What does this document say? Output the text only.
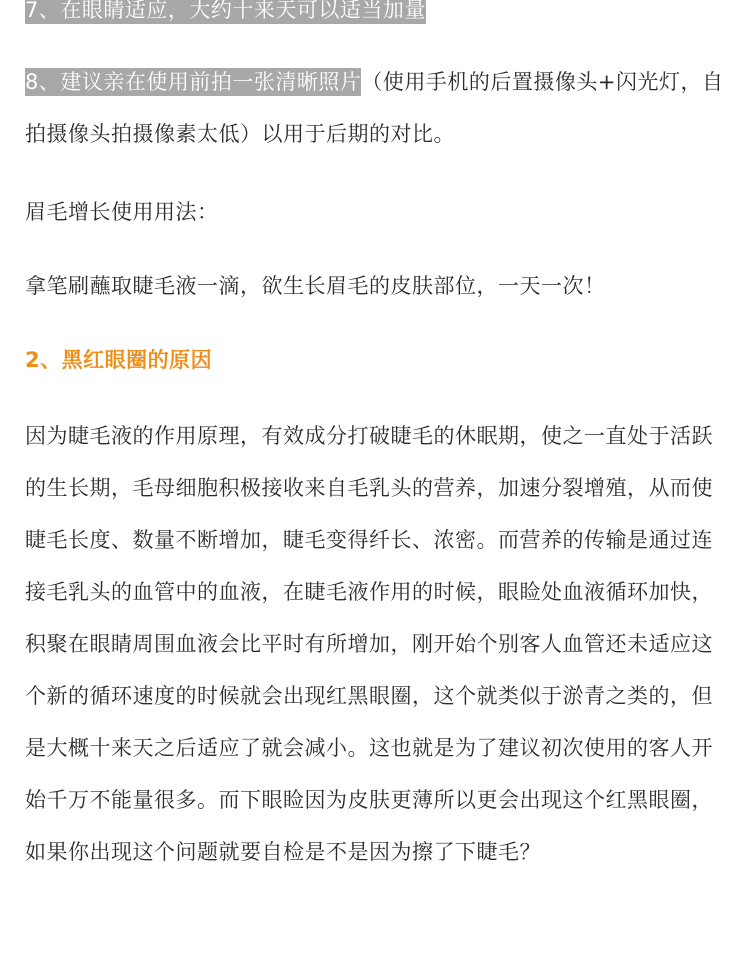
7、在眼睛适应，大约十来天可以适当加量

8、建议亲在使用前拍一张清晰照片（使用手机的后置摄像头+闪光灯，自拍摄像头拍摄像素太低）以用于后期的对比。

眉毛增长使用用法：

拿笔刷蘸取睫毛液一滴，欲生长眉毛的皮肤部位，一天一次！

2、黑红眼圈的原因

因为睫毛液的作用原理，有效成分打破睫毛的休眠期，使之一直处于活跃的生长期，毛母细胞积极接收来自毛乳头的营养，加速分裂增殖，从而使睫毛长度、数量不断增加，睫毛变得纤长、浓密。而营养的传输是通过连接毛乳头的血管中的血液，在睫毛液作用的时候，眼睑处血液循环加快，积聚在眼睛周围血液会比平时有所增加，刚开始个别客人血管还未适应这个新的循环速度的时候就会出现红黑眼圈，这个就类似于淤青之类的，但是大概十来天之后适应了就会减小。这也就是为了建议初次使用的客人开始千万不能量很多。而下眼睑因为皮肤更薄所以更会出现这个红黑眼圈，如果你出现这个问题就要自检是不是因为擦了下睫毛？
